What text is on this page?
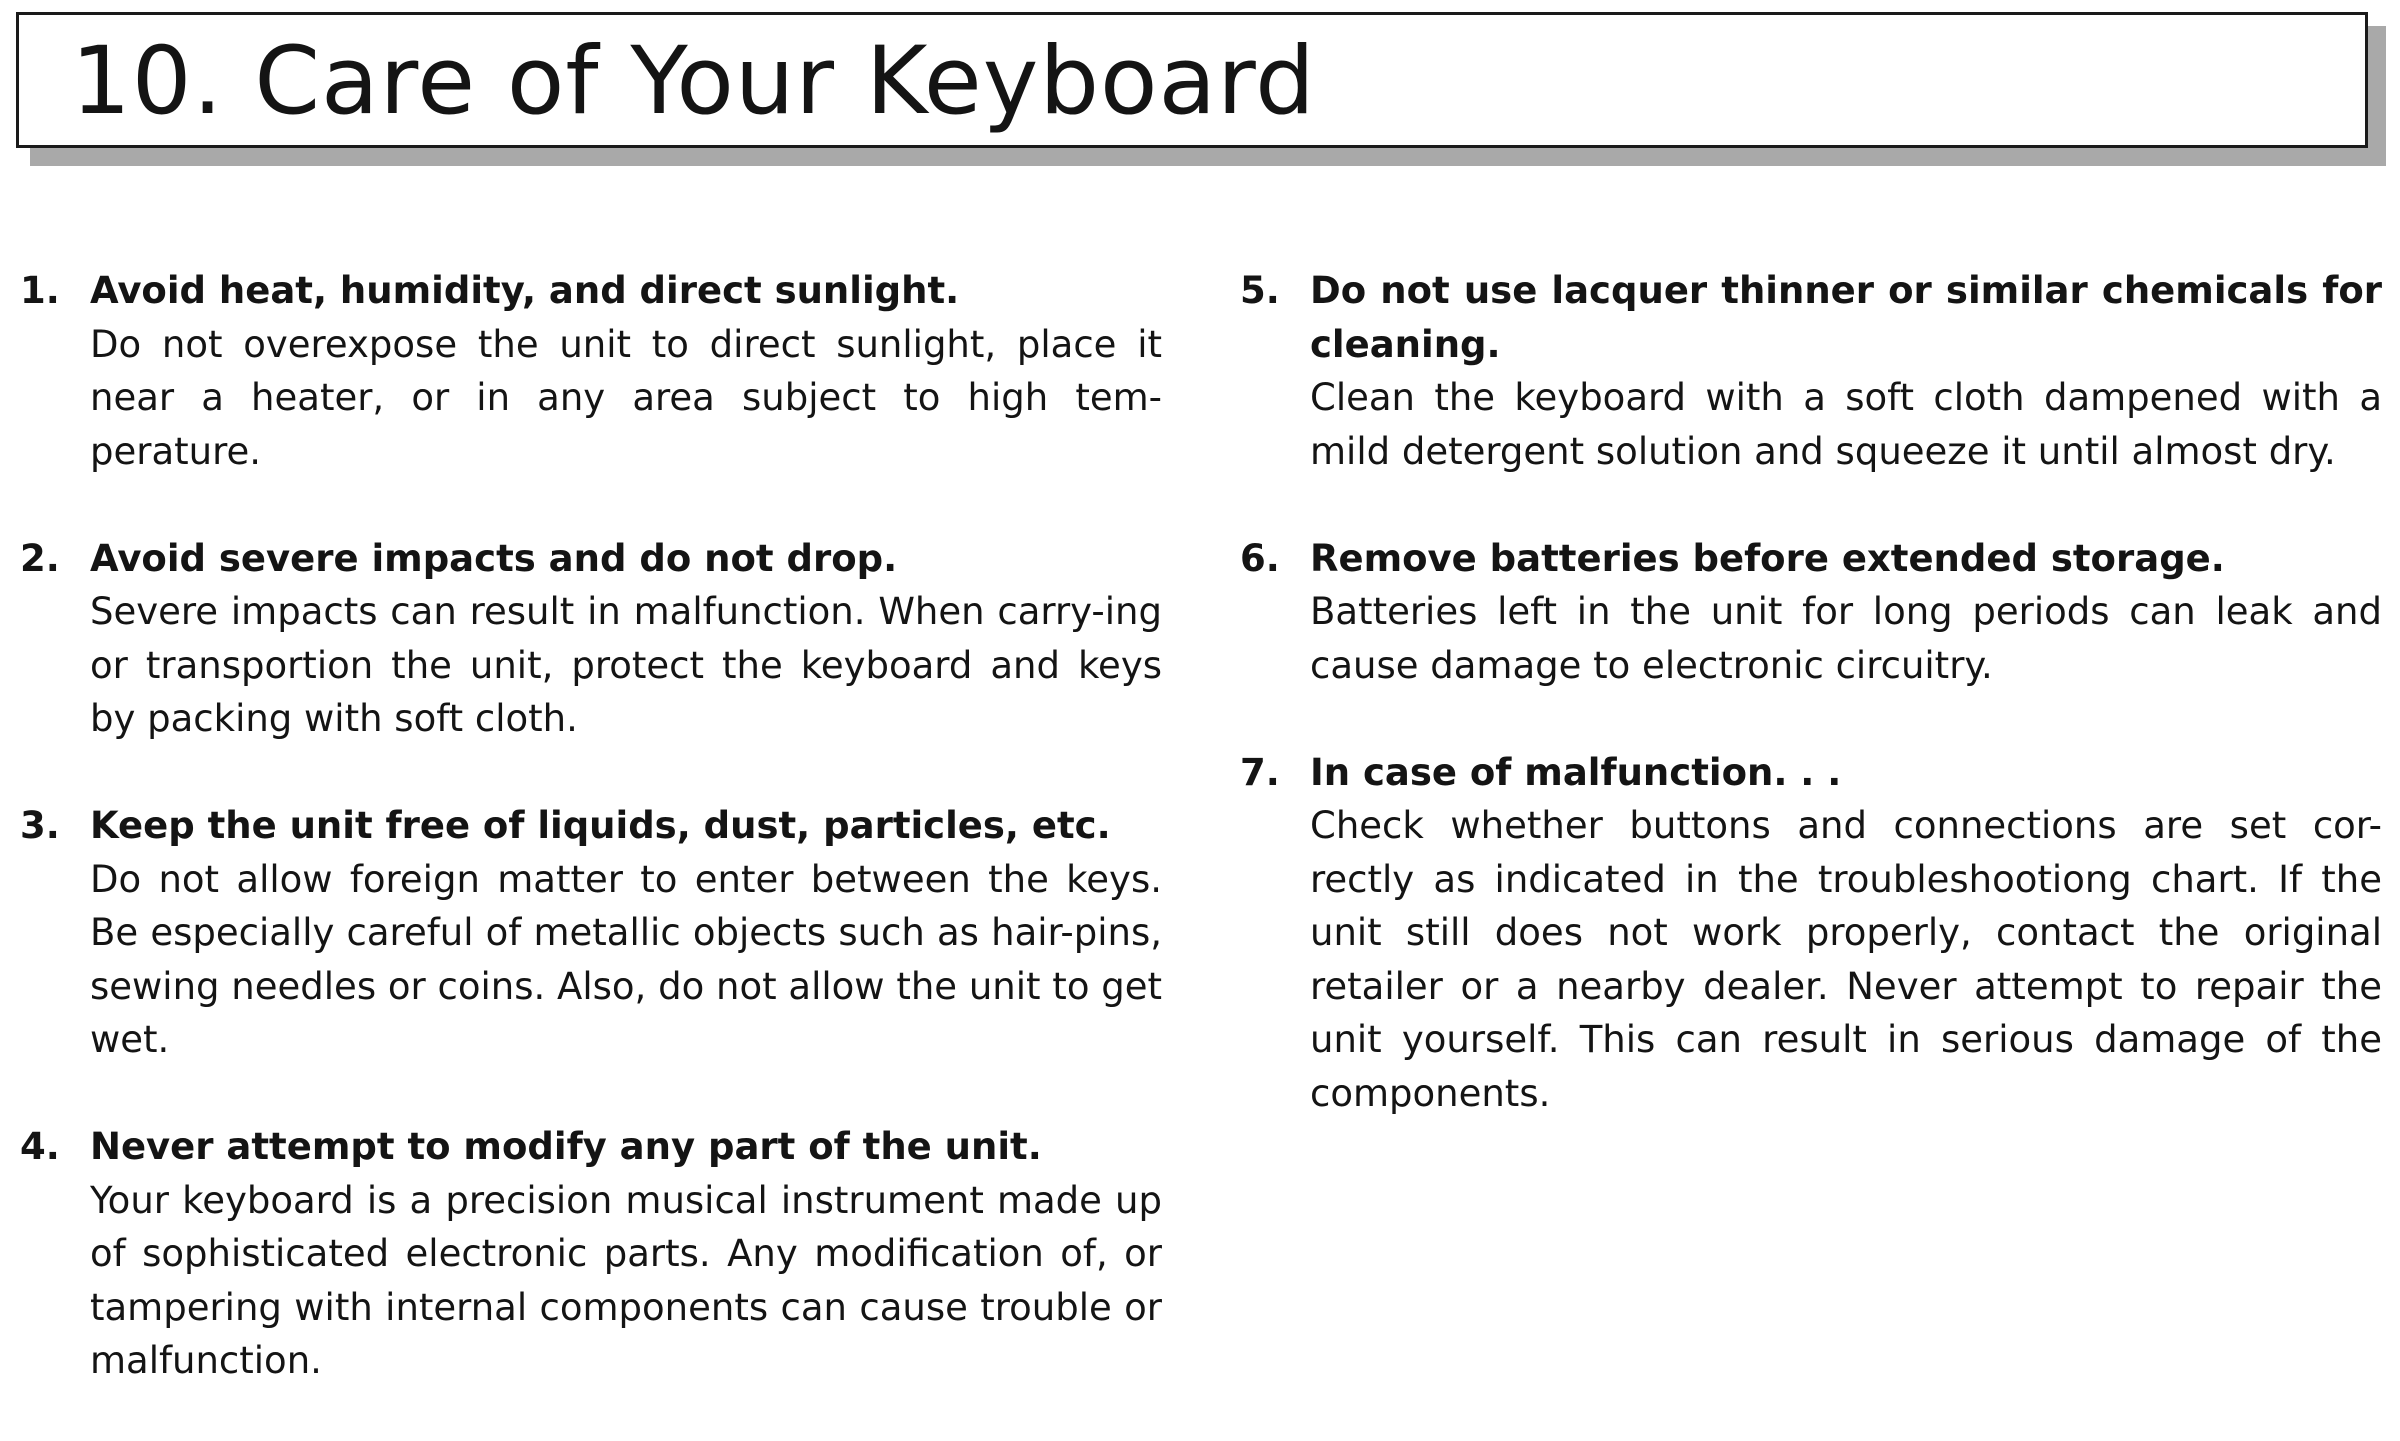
10. Care of Your Keyboard
1. Avoid heat, humidity, and direct sunlight.

Do not overexpose the unit to direct sunlight, place it near a heater, or in any area subject to high tem-perature.

2. Avoid severe impacts and do not drop.

Severe impacts can result in malfunction. When carry-ing or transportion the unit, protect the keyboard and keys by packing with soft cloth.

3. Keep the unit free of liquids, dust, particles, etc.

Do not allow foreign matter to enter between the keys. Be especially careful of metallic objects such as hair-pins, sewing needles or coins. Also, do not allow the unit to get wet.

4. Never attempt to modify any part of the unit.

Your keyboard is a precision musical instrument made up of sophisticated electronic parts. Any modification of, or tampering with internal components can cause trouble or malfunction.

5. Do not use lacquer thinner or similar chemicals for cleaning.

Clean the keyboard with a soft cloth dampened with a mild detergent solution and squeeze it until almost dry.

6. Remove batteries before extended storage.

Batteries left in the unit for long periods can leak and cause damage to electronic circuitry.

7. In case of malfunction. . .

Check whether buttons and connections are set cor-rectly as indicated in the troubleshootiong chart. If the unit still does not work properly, contact the original retailer or a nearby dealer. Never attempt to repair the unit yourself. This can result in serious damage of the components.
